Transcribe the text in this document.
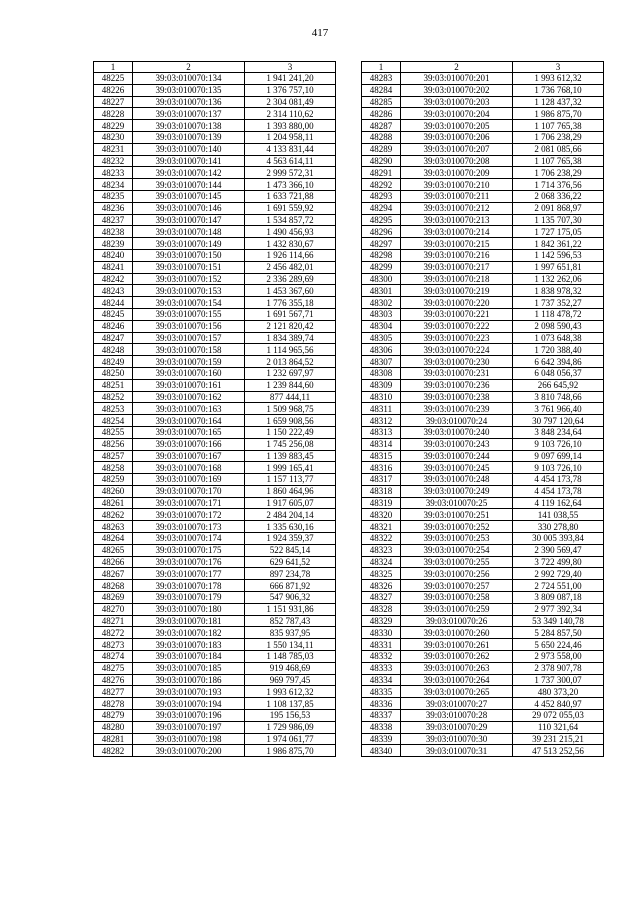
417
1	2	3
48225	39:03:010070:134	1 941 241,20
48226	39:03:010070:135	1 376 757,10
48227	39:03:010070:136	2 304 081,49
48228	39:03:010070:137	2 314 110,62
48229	39:03:010070:138	1 393 880,00
48230	39:03:010070:139	1 204 958,11
48231	39:03:010070:140	4 133 831,44
48232	39:03:010070:141	4 563 614,11
48233	39:03:010070:142	2 999 572,31
48234	39:03:010070:144	1 473 366,10
48235	39:03:010070:145	1 633 721,88
48236	39:03:010070:146	1 691 559,92
48237	39:03:010070:147	1 534 857,72
48238	39:03:010070:148	1 490 456,93
48239	39:03:010070:149	1 432 830,67
48240	39:03:010070:150	1 926 114,66
48241	39:03:010070:151	2 456 482,01
48242	39:03:010070:152	2 336 289,69
48243	39:03:010070:153	1 453 367,60
48244	39:03:010070:154	1 776 355,18
48245	39:03:010070:155	1 691 567,71
48246	39:03:010070:156	2 121 820,42
48247	39:03:010070:157	1 834 389,74
48248	39:03:010070:158	1 114 965,56
48249	39:03:010070:159	2 013 864,52
48250	39:03:010070:160	1 232 697,97
48251	39:03:010070:161	1 239 844,60
48252	39:03:010070:162	877 444,11
48253	39:03:010070:163	1 509 968,75
48254	39:03:010070:164	1 659 908,56
48255	39:03:010070:165	1 150 222,49
48256	39:03:010070:166	1 745 256,08
48257	39:03:010070:167	1 139 883,45
48258	39:03:010070:168	1 999 165,41
48259	39:03:010070:169	1 157 113,77
48260	39:03:010070:170	1 860 464,96
48261	39:03:010070:171	1 917 605,07
48262	39:03:010070:172	2 484 204,14
48263	39:03:010070:173	1 335 630,16
48264	39:03:010070:174	1 924 359,37
48265	39:03:010070:175	522 845,14
48266	39:03:010070:176	629 641,52
48267	39:03:010070:177	897 234,78
48268	39:03:010070:178	666 871,92
48269	39:03:010070:179	547 906,32
48270	39:03:010070:180	1 151 931,86
48271	39:03:010070:181	852 787,43
48272	39:03:010070:182	835 937,95
48273	39:03:010070:183	1 550 134,11
48274	39:03:010070:184	1 148 785,03
48275	39:03:010070:185	919 468,69
48276	39:03:010070:186	969 797,45
48277	39:03:010070:193	1 993 612,32
48278	39:03:010070:194	1 108 137,85
48279	39:03:010070:196	195 156,53
48280	39:03:010070:197	1 729 986,09
48281	39:03:010070:198	1 974 061,77
48282	39:03:010070:200	1 986 875,70
1	2	3
48283	39:03:010070:201	1 993 612,32
48284	39:03:010070:202	1 736 768,10
48285	39:03:010070:203	1 128 437,32
48286	39:03:010070:204	1 986 875,70
48287	39:03:010070:205	1 107 765,38
48288	39:03:010070:206	1 706 238,29
48289	39:03:010070:207	2 081 085,66
48290	39:03:010070:208	1 107 765,38
48291	39:03:010070:209	1 706 238,29
48292	39:03:010070:210	1 714 376,56
48293	39:03:010070:211	2 068 336,22
48294	39:03:010070:212	2 091 868,97
48295	39:03:010070:213	1 135 707,30
48296	39:03:010070:214	1 727 175,05
48297	39:03:010070:215	1 842 361,22
48298	39:03:010070:216	1 142 596,53
48299	39:03:010070:217	1 997 651,81
48300	39:03:010070:218	1 132 262,06
48301	39:03:010070:219	1 838 978,32
48302	39:03:010070:220	1 737 352,27
48303	39:03:010070:221	1 118 478,72
48304	39:03:010070:222	2 098 590,43
48305	39:03:010070:223	1 073 648,38
48306	39:03:010070:224	1 720 388,40
48307	39:03:010070:230	6 642 394,86
48308	39:03:010070:231	6 048 056,37
48309	39:03:010070:236	266 645,92
48310	39:03:010070:238	3 810 748,66
48311	39:03:010070:239	3 761 966,40
48312	39:03:010070:24	30 797 120,64
48313	39:03:010070:240	3 848 234,64
48314	39:03:010070:243	9 103 726,10
48315	39:03:010070:244	9 097 699,14
48316	39:03:010070:245	9 103 726,10
48317	39:03:010070:248	4 454 173,78
48318	39:03:010070:249	4 454 173,78
48319	39:03:010070:25	4 119 162,64
48320	39:03:010070:251	141 038,55
48321	39:03:010070:252	330 278,80
48322	39:03:010070:253	30 005 393,84
48323	39:03:010070:254	2 390 569,47
48324	39:03:010070:255	3 722 499,80
48325	39:03:010070:256	2 992 729,40
48326	39:03:010070:257	2 724 551,00
48327	39:03:010070:258	3 809 087,18
48328	39:03:010070:259	2 977 392,34
48329	39:03:010070:26	53 349 140,78
48330	39:03:010070:260	5 284 857,50
48331	39:03:010070:261	5 650 224,46
48332	39:03:010070:262	2 973 558,00
48333	39:03:010070:263	2 378 907,78
48334	39:03:010070:264	1 737 300,07
48335	39:03:010070:265	480 373,20
48336	39:03:010070:27	4 452 840,97
48337	39:03:010070:28	29 072 055,03
48338	39:03:010070:29	110 321,64
48339	39:03:010070:30	39 231 215,21
48340	39:03:010070:31	47 513 252,56
